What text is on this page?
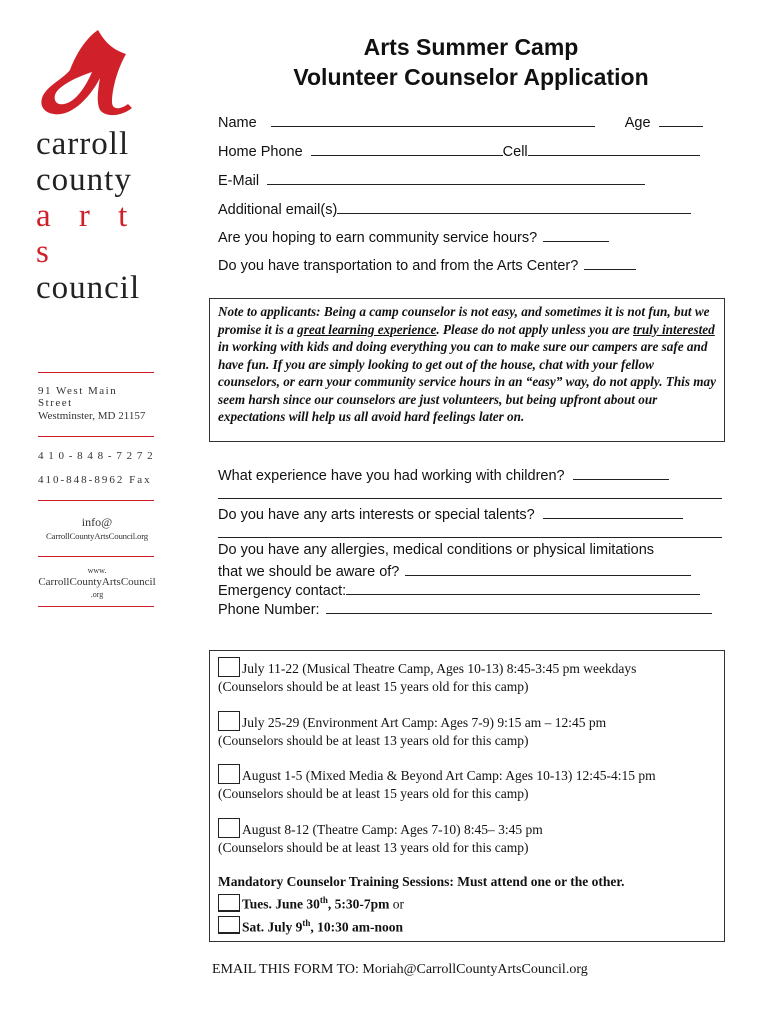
carroll
county
a r t s
council
91 West Main Street
Westminster, MD 21157
4 1 0 - 8 4 8 - 7 2 7 2
410-848-8962 Fax
info@
CarrollCountyArtsCouncil.org
www.
CarrollCountyArtsCouncil
.org
Arts Summer Camp
Volunteer Counselor Application
Name	Age
Home Phone	Cell
E-Mail
Additional email(s)
Are you hoping to earn community service hours?
Do you have transportation to and from the Arts Center?
Note to applicants: Being a camp counselor is not easy, and sometimes it is not fun, but we promise it is a great learning experience. Please do not apply unless you are truly interested in working with kids and doing everything you can to make sure our campers are safe and have fun. If you are simply looking to get out of the house, chat with your fellow counselors, or earn your community service hours in an “easy” way, do not apply. This may seem harsh since our counselors are just volunteers, but being upfront about our expectations will help us all avoid hard feelings later on.
What experience have you had working with children?
Do you have any arts interests or special talents?
Do you have any allergies, medical conditions or physical limitations
that we should be aware of?
Emergency contact:
Phone Number:
July 11-22 (Musical Theatre Camp, Ages 10-13) 8:45-3:45 pm weekdays
(Counselors should be at least 15 years old for this camp)
July 25-29 (Environment Art Camp: Ages 7-9) 9:15 am – 12:45 pm
(Counselors should be at least 13 years old for this camp)
August 1-5 (Mixed Media & Beyond Art Camp: Ages 10-13) 12:45-4:15 pm
(Counselors should be at least 15 years old for this camp)
August 8-12 (Theatre Camp: Ages 7-10) 8:45– 3:45 pm
(Counselors should be at least 13 years old for this camp)
Mandatory Counselor Training Sessions: Must attend one or the other.
Tues. June 30th, 5:30-7pm or
Sat. July 9th, 10:30 am-noon
EMAIL THIS FORM TO: Moriah@CarrollCountyArtsCouncil.org
